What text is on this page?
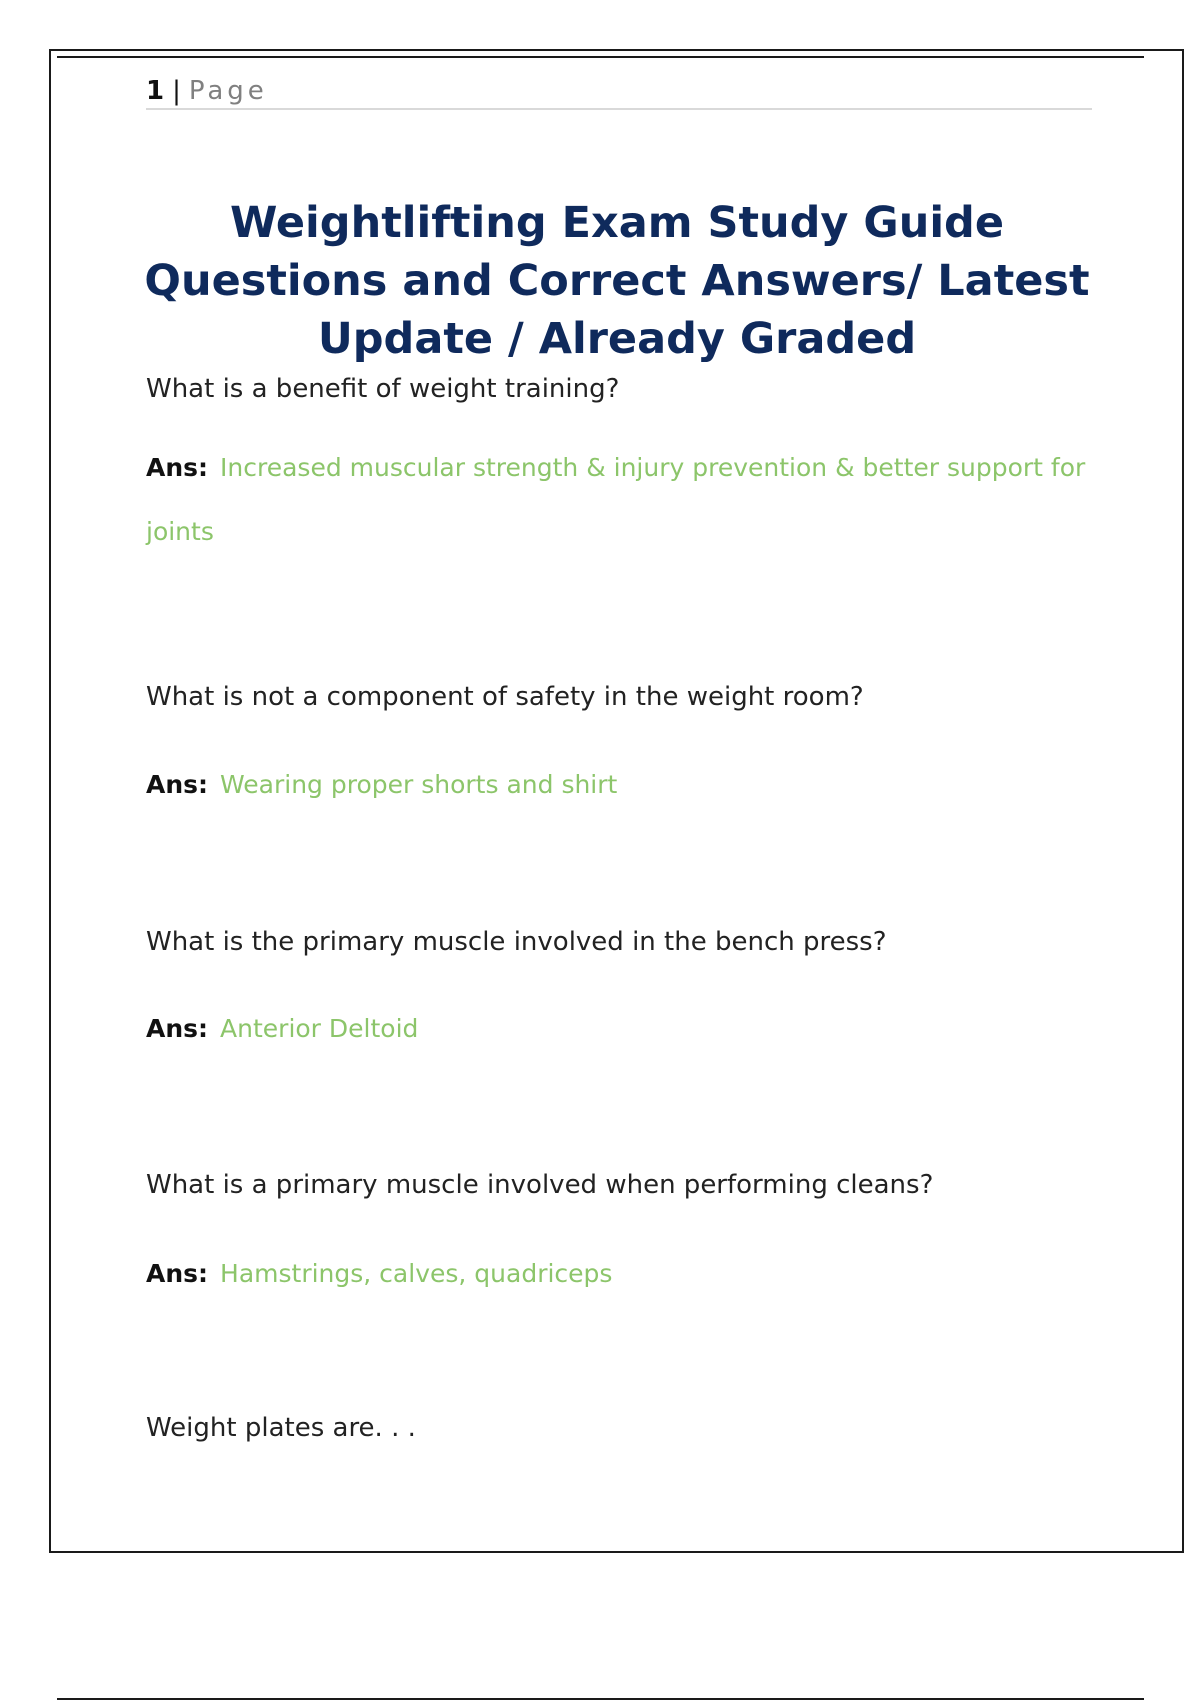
1 | Page
Weightlifting Exam Study Guide
Questions and Correct Answers/ Latest
Update / Already Graded
What is a benefit of weight training?
Ans: Increased muscular strength & injury prevention & better support for joints
What is not a component of safety in the weight room?
Ans: Wearing proper shorts and shirt
What is the primary muscle involved in the bench press?
Ans: Anterior Deltoid
What is a primary muscle involved when performing cleans?
Ans: Hamstrings, calves, quadriceps
Weight plates are. . .
